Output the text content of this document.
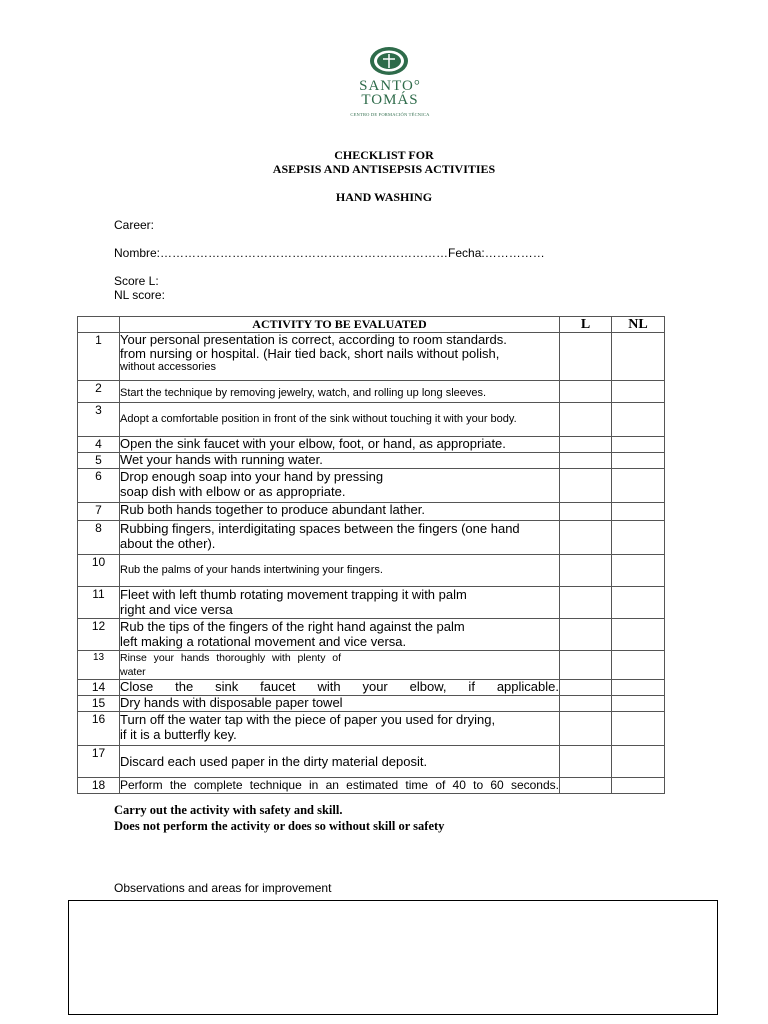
SANTO°
TOMÁS
CENTRO DE FORMACIÓN TÉCNICA
CHECKLIST FOR
ASEPSIS AND ANTISEPSIS ACTIVITIES
HAND WASHING
Career:
Nombre:………………………………………………………………Fecha:……………
Score L:
NL score:
	ACTIVITY TO BE EVALUATED	L	NL
1	Your personal presentation is correct, according to room standards.
from nursing or hospital. (Hair tied back, short nails without polish,
without accessories		

2	Start the technique by removing jewelry, watch, and rolling up long sleeves.		
3	Adopt a comfortable position in front of the sink without touching it with your body.		
4	Open the sink faucet with your elbow, foot, or hand, as appropriate.		
5	Wet your hands with running water.		
6	Drop enough soap into your hand by pressing
soap dish with elbow or as appropriate.		
7	Rub both hands together to produce abundant lather.		
8	Rubbing fingers, interdigitating spaces between the fingers (one hand
about the other).		
10	Rub the palms of your hands intertwining your fingers.		
11	Fleet with left thumb rotating movement trapping it with palm
right and vice versa		
12	Rub the tips of the fingers of the right hand against the palm
left making a rotational movement and vice versa.		
13	Rinse your hands thoroughly with plenty of water		
14	Close the sink faucet with your elbow, if applicable.		
15	Dry hands with disposable paper towel		
16	Turn off the water tap with the piece of paper you used for drying,
if it is a butterfly key.		
17	Discard each used paper in the dirty material deposit.		
18	Perform the complete technique in an estimated time of 40 to 60 seconds.		
Carry out the activity with safety and skill.
Does not perform the activity or does so without skill or safety
Observations and areas for improvement
